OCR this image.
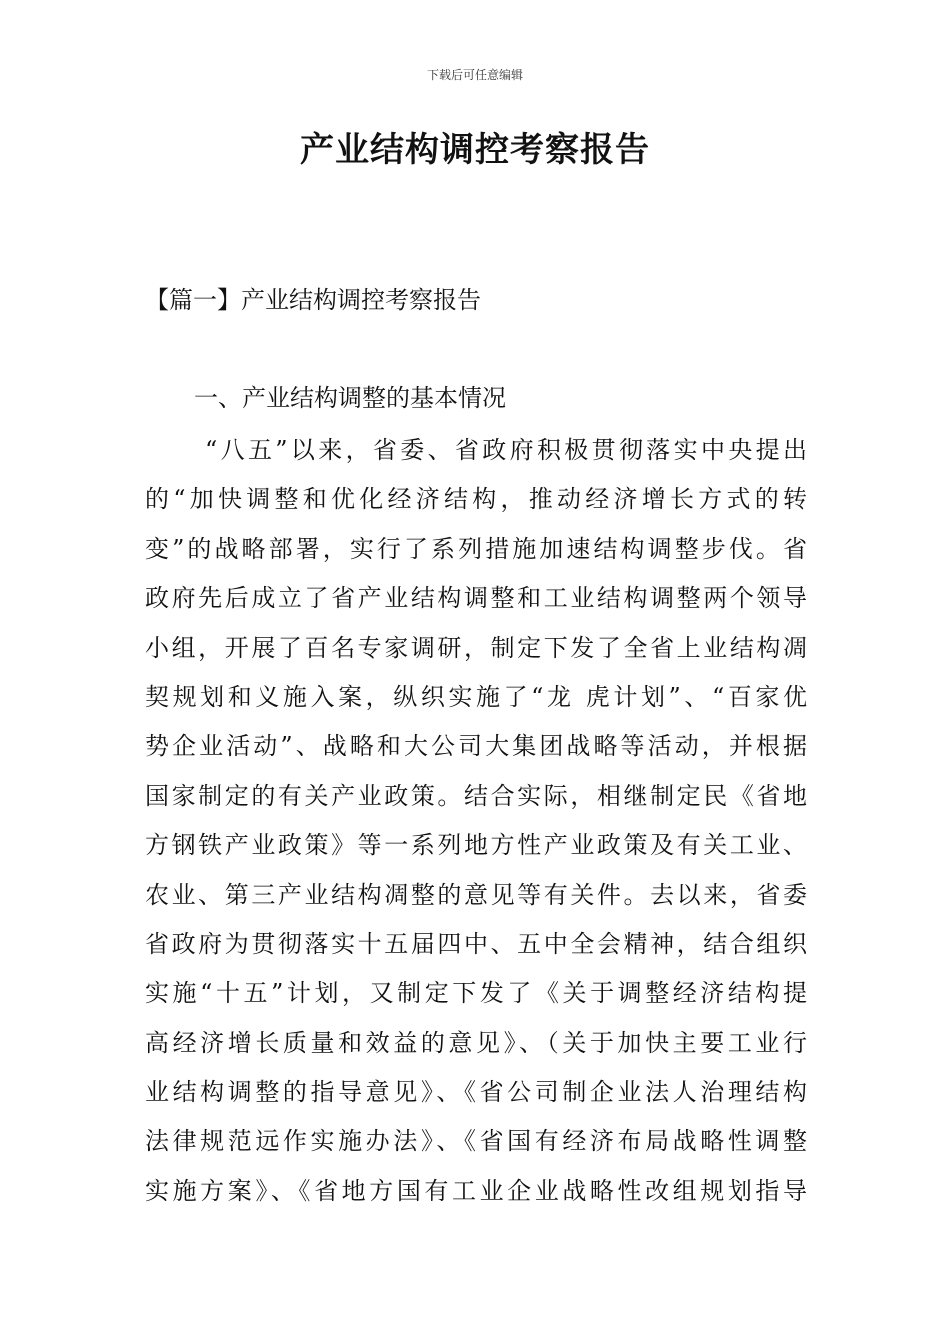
下载后可任意编辑
产业结构调控考察报告
【篇一】产业结构调控考察报告
一、产业结构调整的基本情况
“八五”以来，省委、省政府积极贯彻落实中央提出
的“加快调整和优化经济结构，推动经济增长方式的转
变”的战略部署，实行了系列措施加速结构调整步伐。省
政府先后成立了省产业结构调整和工业结构调整两个领导
小组，开展了百名专家调研，制定下发了全省上业结构凋
契规划和义施入案，纵织实施了“龙 虎计划”、“百家优
势企业活动”、战略和大公司大集团战略等活动，并根据
国家制定的有关产业政策。结合实际，相继制定民《省地
方钢铁产业政策》等一系列地方性产业政策及有关工业、
农业、第三产业结构凋整的意见等有关件。去以来，省委
省政府为贯彻落实十五届四中、五中全会精神，结合组织
实施“十五”计划，又制定下发了《关于调整经济结构提
高经济增长质量和效益的意见》、（关于加快主要工业行
业结构调整的指导意见》、《省公司制企业法人治理结构
法律规范远作实施办法》、《省国有经济布局战略性调整
实施方案》、《省地方国有工业企业战略性改组规划指导
